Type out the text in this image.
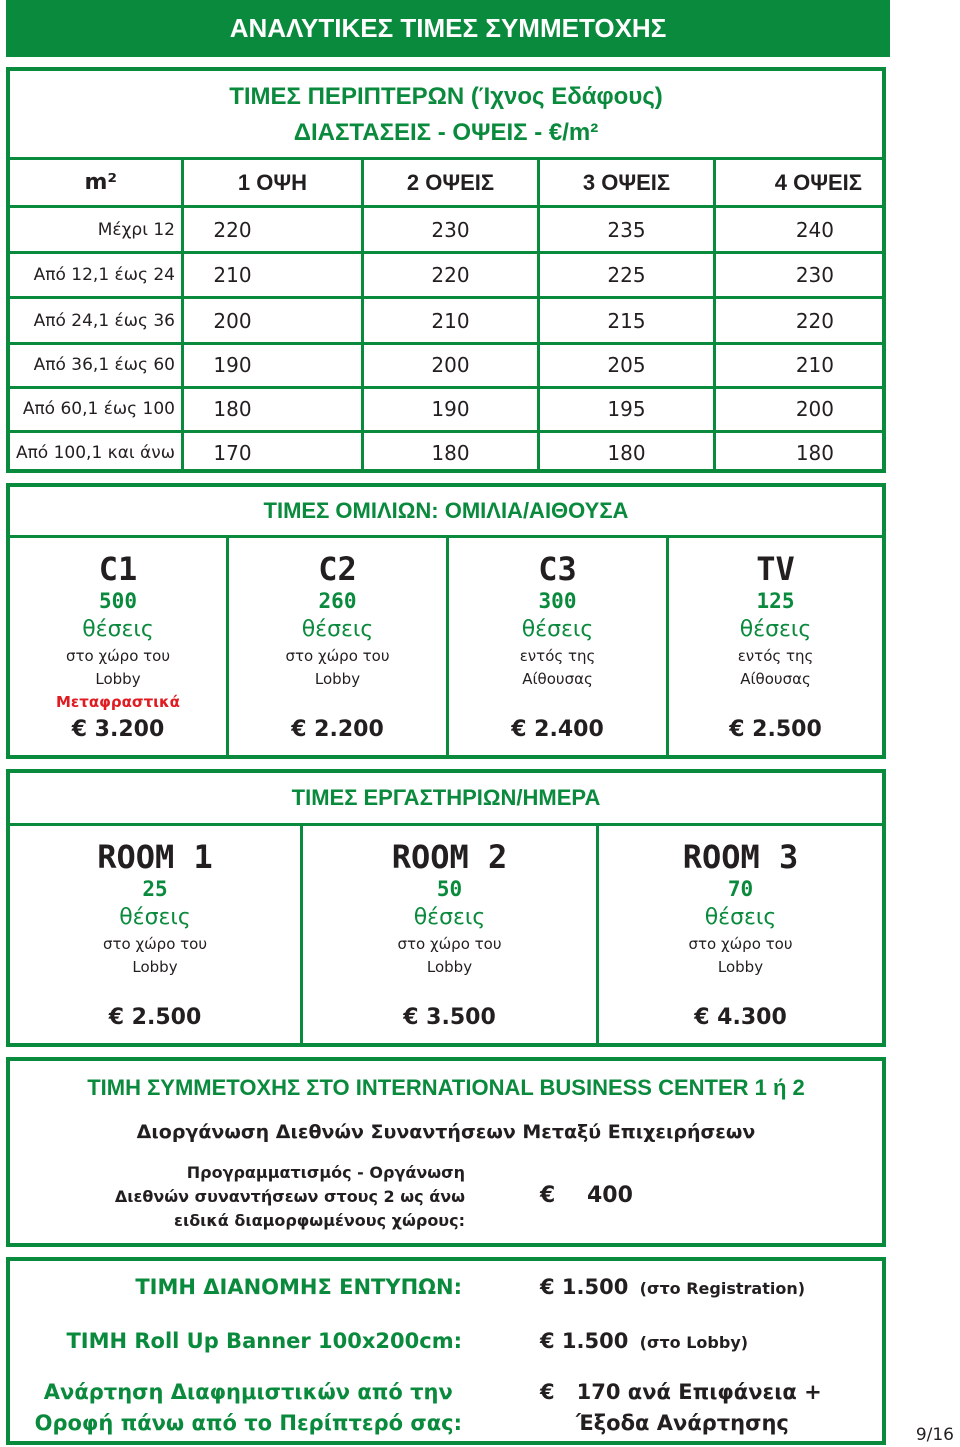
ΑΝΑΛΥΤΙΚΕΣ ΤΙΜΕΣ ΣΥΜΜΕΤΟΧΗΣ
ΤΙΜΕΣ ΠΕΡΙΠΤΕΡΩΝ (Ίχνος Εδάφους)
ΔΙΑΣΤΑΣΕΙΣ - ΟΨΕΙΣ - €/m²
m²	1 ΟΨΗ	2 ΟΨΕΙΣ	3 ΟΨΕΙΣ	4 ΟΨΕΙΣ
Μέχρι 12	220	230	235	240
Από 12,1 έως 24	210	220	225	230
Από 24,1 έως 36	200	210	215	220
Από 36,1 έως 60	190	200	205	210
Από 60,1 έως 100	180	190	195	200
Από 100,1 και άνω	170	180	180	180
ΤΙΜΕΣ ΟΜΙΛΙΩΝ: ΟΜΙΛΙΑ/ΑΙΘΟΥΣΑ
C1
500
θέσεις
στο χώρο του
Lobby
Μεταφραστικά
€ 3.200
C2
260
θέσεις
στο χώρο του
Lobby
€ 2.200
C3
300
θέσεις
εντός της
Αίθουσας
€ 2.400
TV
125
θέσεις
εντός της
Αίθουσας
€ 2.500
ΤΙΜΕΣ ΕΡΓΑΣΤΗΡΙΩΝ/ΗΜΕΡΑ
ROOM 1
25
θέσεις
στο χώρο του
Lobby
€ 2.500
ROOM 2
50
θέσεις
στο χώρο του
Lobby
€ 3.500
ROOM 3
70
θέσεις
στο χώρο του
Lobby
€ 4.300
ΤΙΜΗ ΣΥΜΜΕΤΟΧΗΣ ΣΤΟ INTERNATIONAL BUSINESS CENTER 1 ή 2
Διοργάνωση Διεθνών Συναντήσεων Μεταξύ Επιχειρήσεων
Προγραμματισμός - Οργάνωση
Διεθνών συναντήσεων στους 2 ως άνω
ειδικά διαμορφωμένους χώρους:
€ 400
ΤΙΜΗ ΔΙΑΝΟΜΗΣ ΕΝΤΥΠΩΝ:	€ 1.500 (στο Registration)
TIMH Roll Up Banner 100x200cm:	€ 1.500 (στο Lobby)
Ανάρτηση Διαφημιστικών από την
Οροφή πάνω από το Περίπτερό σας:
€ 170 ανά Επιφάνεια +
Έξοδα Ανάρτησης	9/16
